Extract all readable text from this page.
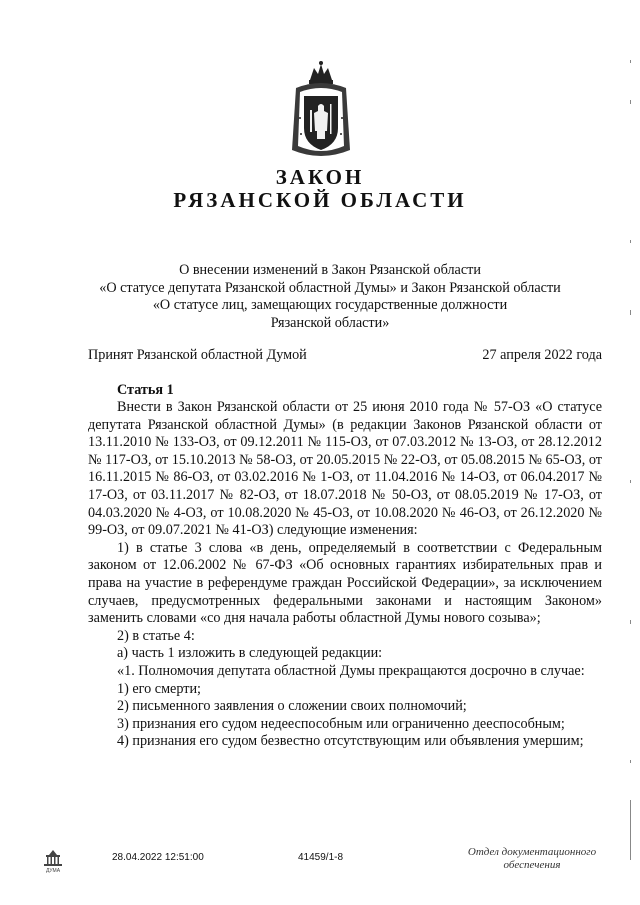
ЗАКОН
РЯЗАНСКОЙ ОБЛАСТИ
О внесении изменений в Закон Рязанской области
«О статусе депутата Рязанской областной Думы» и Закон Рязанской области
«О статусе лиц, замещающих государственные должности
Рязанской области»
Принят Рязанской областной Думой	27 апреля 2022 года
Статья 1

Внести в Закон Рязанской области от 25 июня 2010 года № 57-ОЗ «О статусе депутата Рязанской областной Думы» (в редакции Законов Рязанской области от 13.11.2010 № 133-ОЗ, от 09.12.2011 № 115-ОЗ, от 07.03.2012 № 13-ОЗ, от 28.12.2012 № 117-ОЗ, от 15.10.2013 № 58-ОЗ, от 20.05.2015 № 22-ОЗ, от 05.08.2015 № 65-ОЗ, от 16.11.2015 № 86-ОЗ, от 03.02.2016 № 1-ОЗ, от 11.04.2016 № 14-ОЗ, от 06.04.2017 № 17-ОЗ, от 03.11.2017 № 82-ОЗ, от 18.07.2018 № 50-ОЗ, от 08.05.2019 № 17-ОЗ, от 04.03.2020 № 4-ОЗ, от 10.08.2020 № 45-ОЗ, от 10.08.2020 № 46-ОЗ, от 26.12.2020 № 99-ОЗ, от 09.07.2021 № 41-ОЗ) следующие изменения:

1) в статье 3 слова «в день, определяемый в соответствии с Федеральным законом от 12.06.2002 № 67-ФЗ «Об основных гарантиях избирательных прав и права на участие в референдуме граждан Российской Федерации», за исключением случаев, предусмотренных федеральными законами и настоящим Законом» заменить словами «со дня начала работы областной Думы нового созыва»;

2) в статье 4:

а) часть 1 изложить в следующей редакции:

«1. Полномочия депутата областной Думы прекращаются досрочно в случае:

1) его смерти;

2) письменного заявления о сложении своих полномочий;

3) признания его судом недееспособным или ограниченно дееспособным;

4) признания его судом безвестно отсутствующим или объявления умершим;

ДУМА
28.04.2022 12:51:00	41459/1-8	Отдел документационного
обеспечения
